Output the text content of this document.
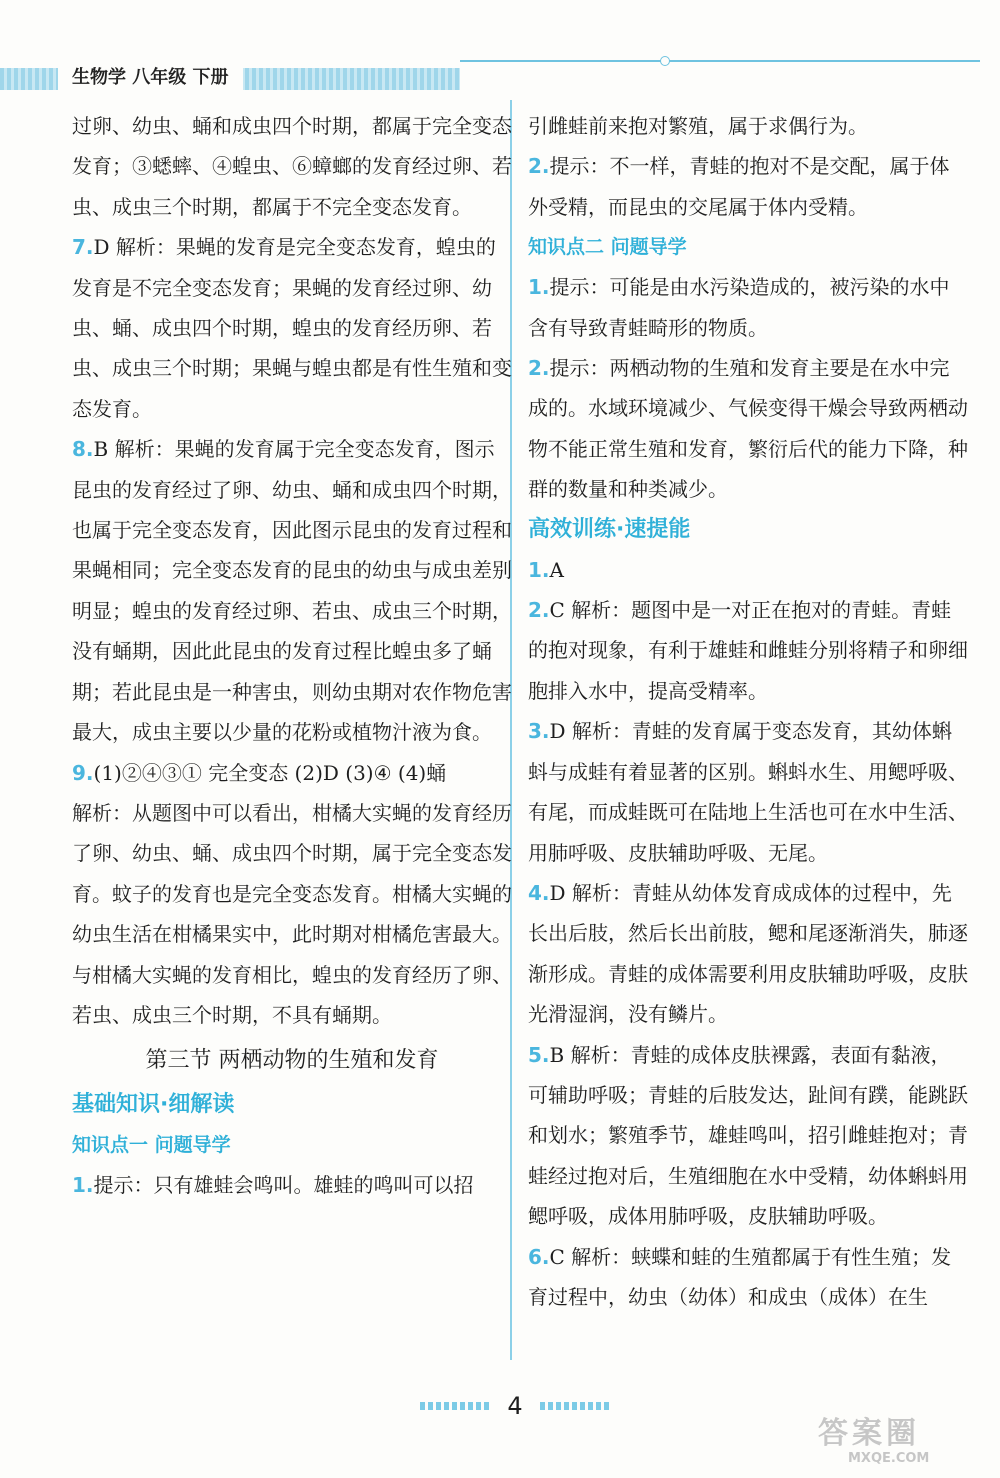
生物学 八年级 下册

过卵、幼虫、蛹和成虫四个时期，都属于完全变态发育；③蟋蟀、④蝗虫、⑥蟑螂的发育经过卵、若虫、成虫三个时期，都属于不完全变态发育。

7.D 解析：果蝇的发育是完全变态发育，蝗虫的发育是不完全变态发育；果蝇的发育经过卵、幼虫、蛹、成虫四个时期，蝗虫的发育经历卵、若虫、成虫三个时期；果蝇与蝗虫都是有性生殖和变态发育。

8.B 解析：果蝇的发育属于完全变态发育，图示昆虫的发育经过了卵、幼虫、蛹和成虫四个时期，也属于完全变态发育，因此图示昆虫的发育过程和果蝇相同；完全变态发育的昆虫的幼虫与成虫差别明显；蝗虫的发育经过卵、若虫、成虫三个时期，没有蛹期，因此此昆虫的发育过程比蝗虫多了蛹期；若此昆虫是一种害虫，则幼虫期对农作物危害最大，成虫主要以少量的花粉或植物汁液为食。

9.(1)②④③① 完全变态 (2)D (3)④ (4)蛹

解析：从题图中可以看出，柑橘大实蝇的发育经历了卵、幼虫、蛹、成虫四个时期，属于完全变态发育。蚊子的发育也是完全变态发育。柑橘大实蝇的幼虫生活在柑橘果实中，此时期对柑橘危害最大。与柑橘大实蝇的发育相比，蝗虫的发育经历了卵、若虫、成虫三个时期，不具有蛹期。

第三节 两栖动物的生殖和发育
基础知识·细解读
知识点一 问题导学

1.提示：只有雄蛙会鸣叫。雄蛙的鸣叫可以招

引雌蛙前来抱对繁殖，属于求偶行为。

2.提示：不一样，青蛙的抱对不是交配，属于体外受精，而昆虫的交尾属于体内受精。

知识点二 问题导学

1.提示：可能是由水污染造成的，被污染的水中含有导致青蛙畸形的物质。

2.提示：两栖动物的生殖和发育主要是在水中完成的。水域环境减少、气候变得干燥会导致两栖动物不能正常生殖和发育，繁衍后代的能力下降，种群的数量和种类减少。

高效训练·速提能

1.A

2.C 解析：题图中是一对正在抱对的青蛙。青蛙的抱对现象，有利于雄蛙和雌蛙分别将精子和卵细胞排入水中，提高受精率。

3.D 解析：青蛙的发育属于变态发育，其幼体蝌蚪与成蛙有着显著的区别。蝌蚪水生、用鳃呼吸、有尾，而成蛙既可在陆地上生活也可在水中生活、用肺呼吸、皮肤辅助呼吸、无尾。

4.D 解析：青蛙从幼体发育成成体的过程中，先长出后肢，然后长出前肢，鳃和尾逐渐消失，肺逐渐形成。青蛙的成体需要利用皮肤辅助呼吸，皮肤光滑湿润，没有鳞片。

5.B 解析：青蛙的成体皮肤裸露，表面有黏液，可辅助呼吸；青蛙的后肢发达，趾间有蹼，能跳跃和划水；繁殖季节，雄蛙鸣叫，招引雌蛙抱对；青蛙经过抱对后，生殖细胞在水中受精，幼体蝌蚪用鳃呼吸，成体用肺呼吸，皮肤辅助呼吸。

6.C 解析：蛱蝶和蛙的生殖都属于有性生殖；发育过程中，幼虫（幼体）和成虫（成体）在生

4
答案圈
MXQE.COM
